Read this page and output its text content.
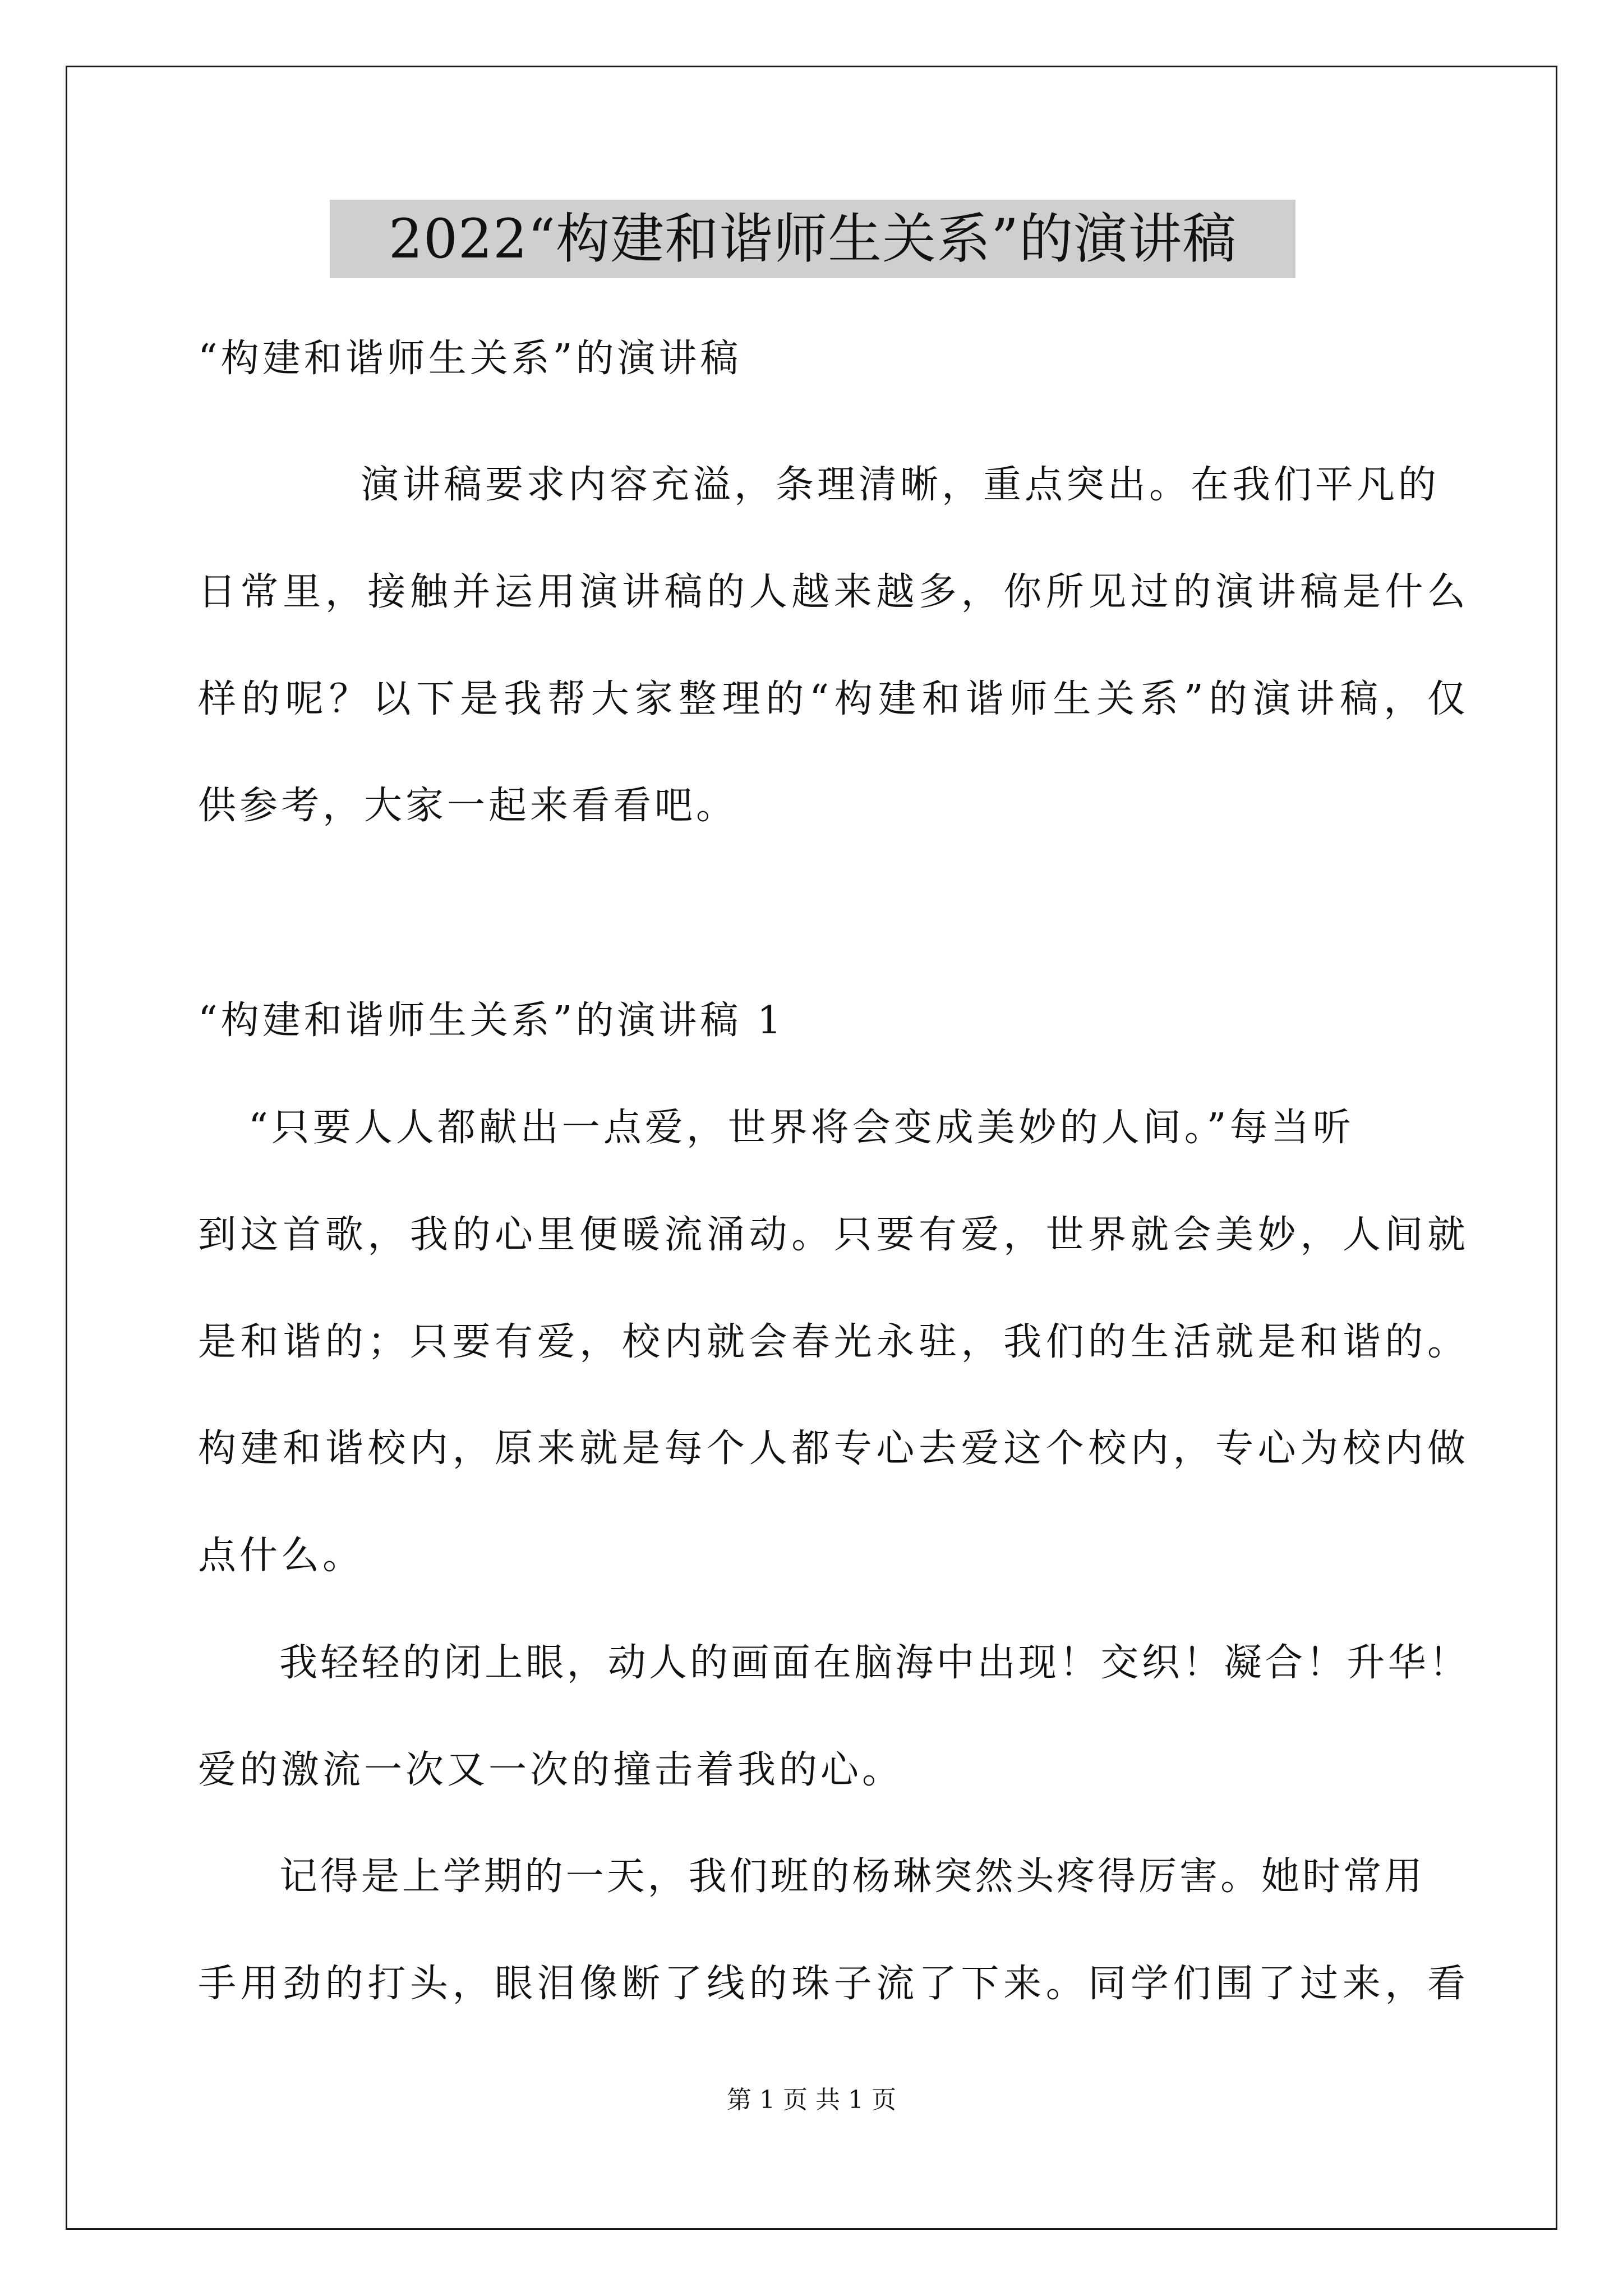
2022“构建和谐师生关系”的演讲稿
“构建和谐师生关系”的演讲稿
演讲稿要求内容充溢，条理清晰，重点突出。在我们平凡的
日常里，接触并运用演讲稿的人越来越多，你所见过的演讲稿是什么
样的呢？以下是我帮大家整理的“构建和谐师生关系”的演讲稿，仅
供参考，大家一起来看看吧。
“构建和谐师生关系”的演讲稿 1
“只要人人都献出一点爱，世界将会变成美妙的人间。”每当听
到这首歌，我的心里便暖流涌动。只要有爱，世界就会美妙，人间就
是和谐的；只要有爱，校内就会春光永驻，我们的生活就是和谐的。
构建和谐校内，原来就是每个人都专心去爱这个校内，专心为校内做
点什么。
我轻轻的闭上眼，动人的画面在脑海中出现！交织！凝合！升华！
爱的激流一次又一次的撞击着我的心。
记得是上学期的一天，我们班的杨琳突然头疼得厉害。她时常用
手用劲的打头，眼泪像断了线的珠子流了下来。同学们围了过来，看
第 1 页 共 1 页
